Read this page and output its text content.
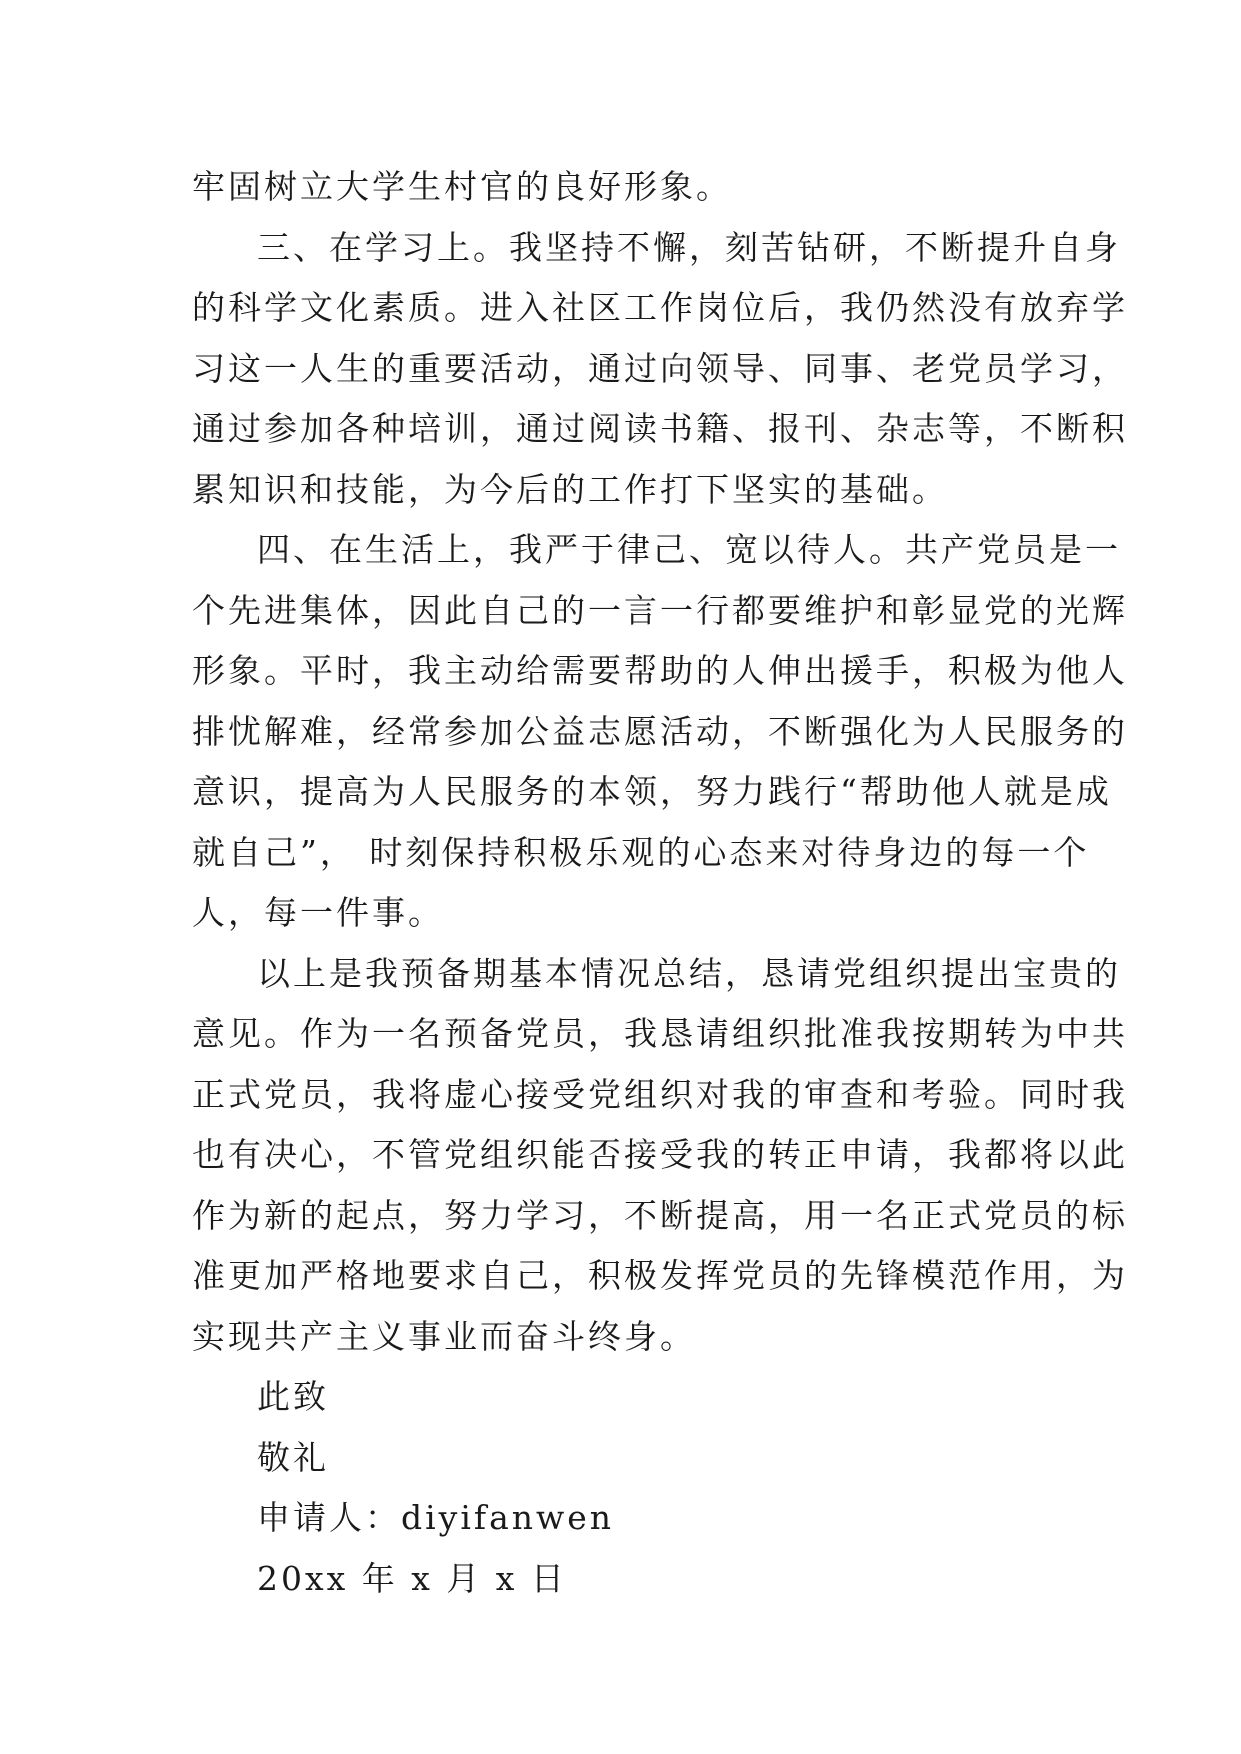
牢固树立大学生村官的良好形象。
三、在学习上。我坚持不懈，刻苦钻研，不断提升自身
的科学文化素质。进入社区工作岗位后，我仍然没有放弃学
习这一人生的重要活动，通过向领导、同事、老党员学习，
通过参加各种培训，通过阅读书籍、报刊、杂志等，不断积
累知识和技能，为今后的工作打下坚实的基础。
四、在生活上，我严于律己、宽以待人。共产党员是一
个先进集体，因此自己的一言一行都要维护和彰显党的光辉
形象。平时，我主动给需要帮助的人伸出援手，积极为他人
排忧解难，经常参加公益志愿活动，不断强化为人民服务的
意识，提高为人民服务的本领，努力践行“帮助他人就是成
就自己”， 时刻保持积极乐观的心态来对待身边的每一个
人，每一件事。
以上是我预备期基本情况总结，恳请党组织提出宝贵的
意见。作为一名预备党员，我恳请组织批准我按期转为中共
正式党员，我将虚心接受党组织对我的审查和考验。同时我
也有决心，不管党组织能否接受我的转正申请，我都将以此
作为新的起点，努力学习，不断提高，用一名正式党员的标
准更加严格地要求自己，积极发挥党员的先锋模范作用，为
实现共产主义事业而奋斗终身。
此致
敬礼
申请人：diyifanwen
20xx 年 x 月 x 日
